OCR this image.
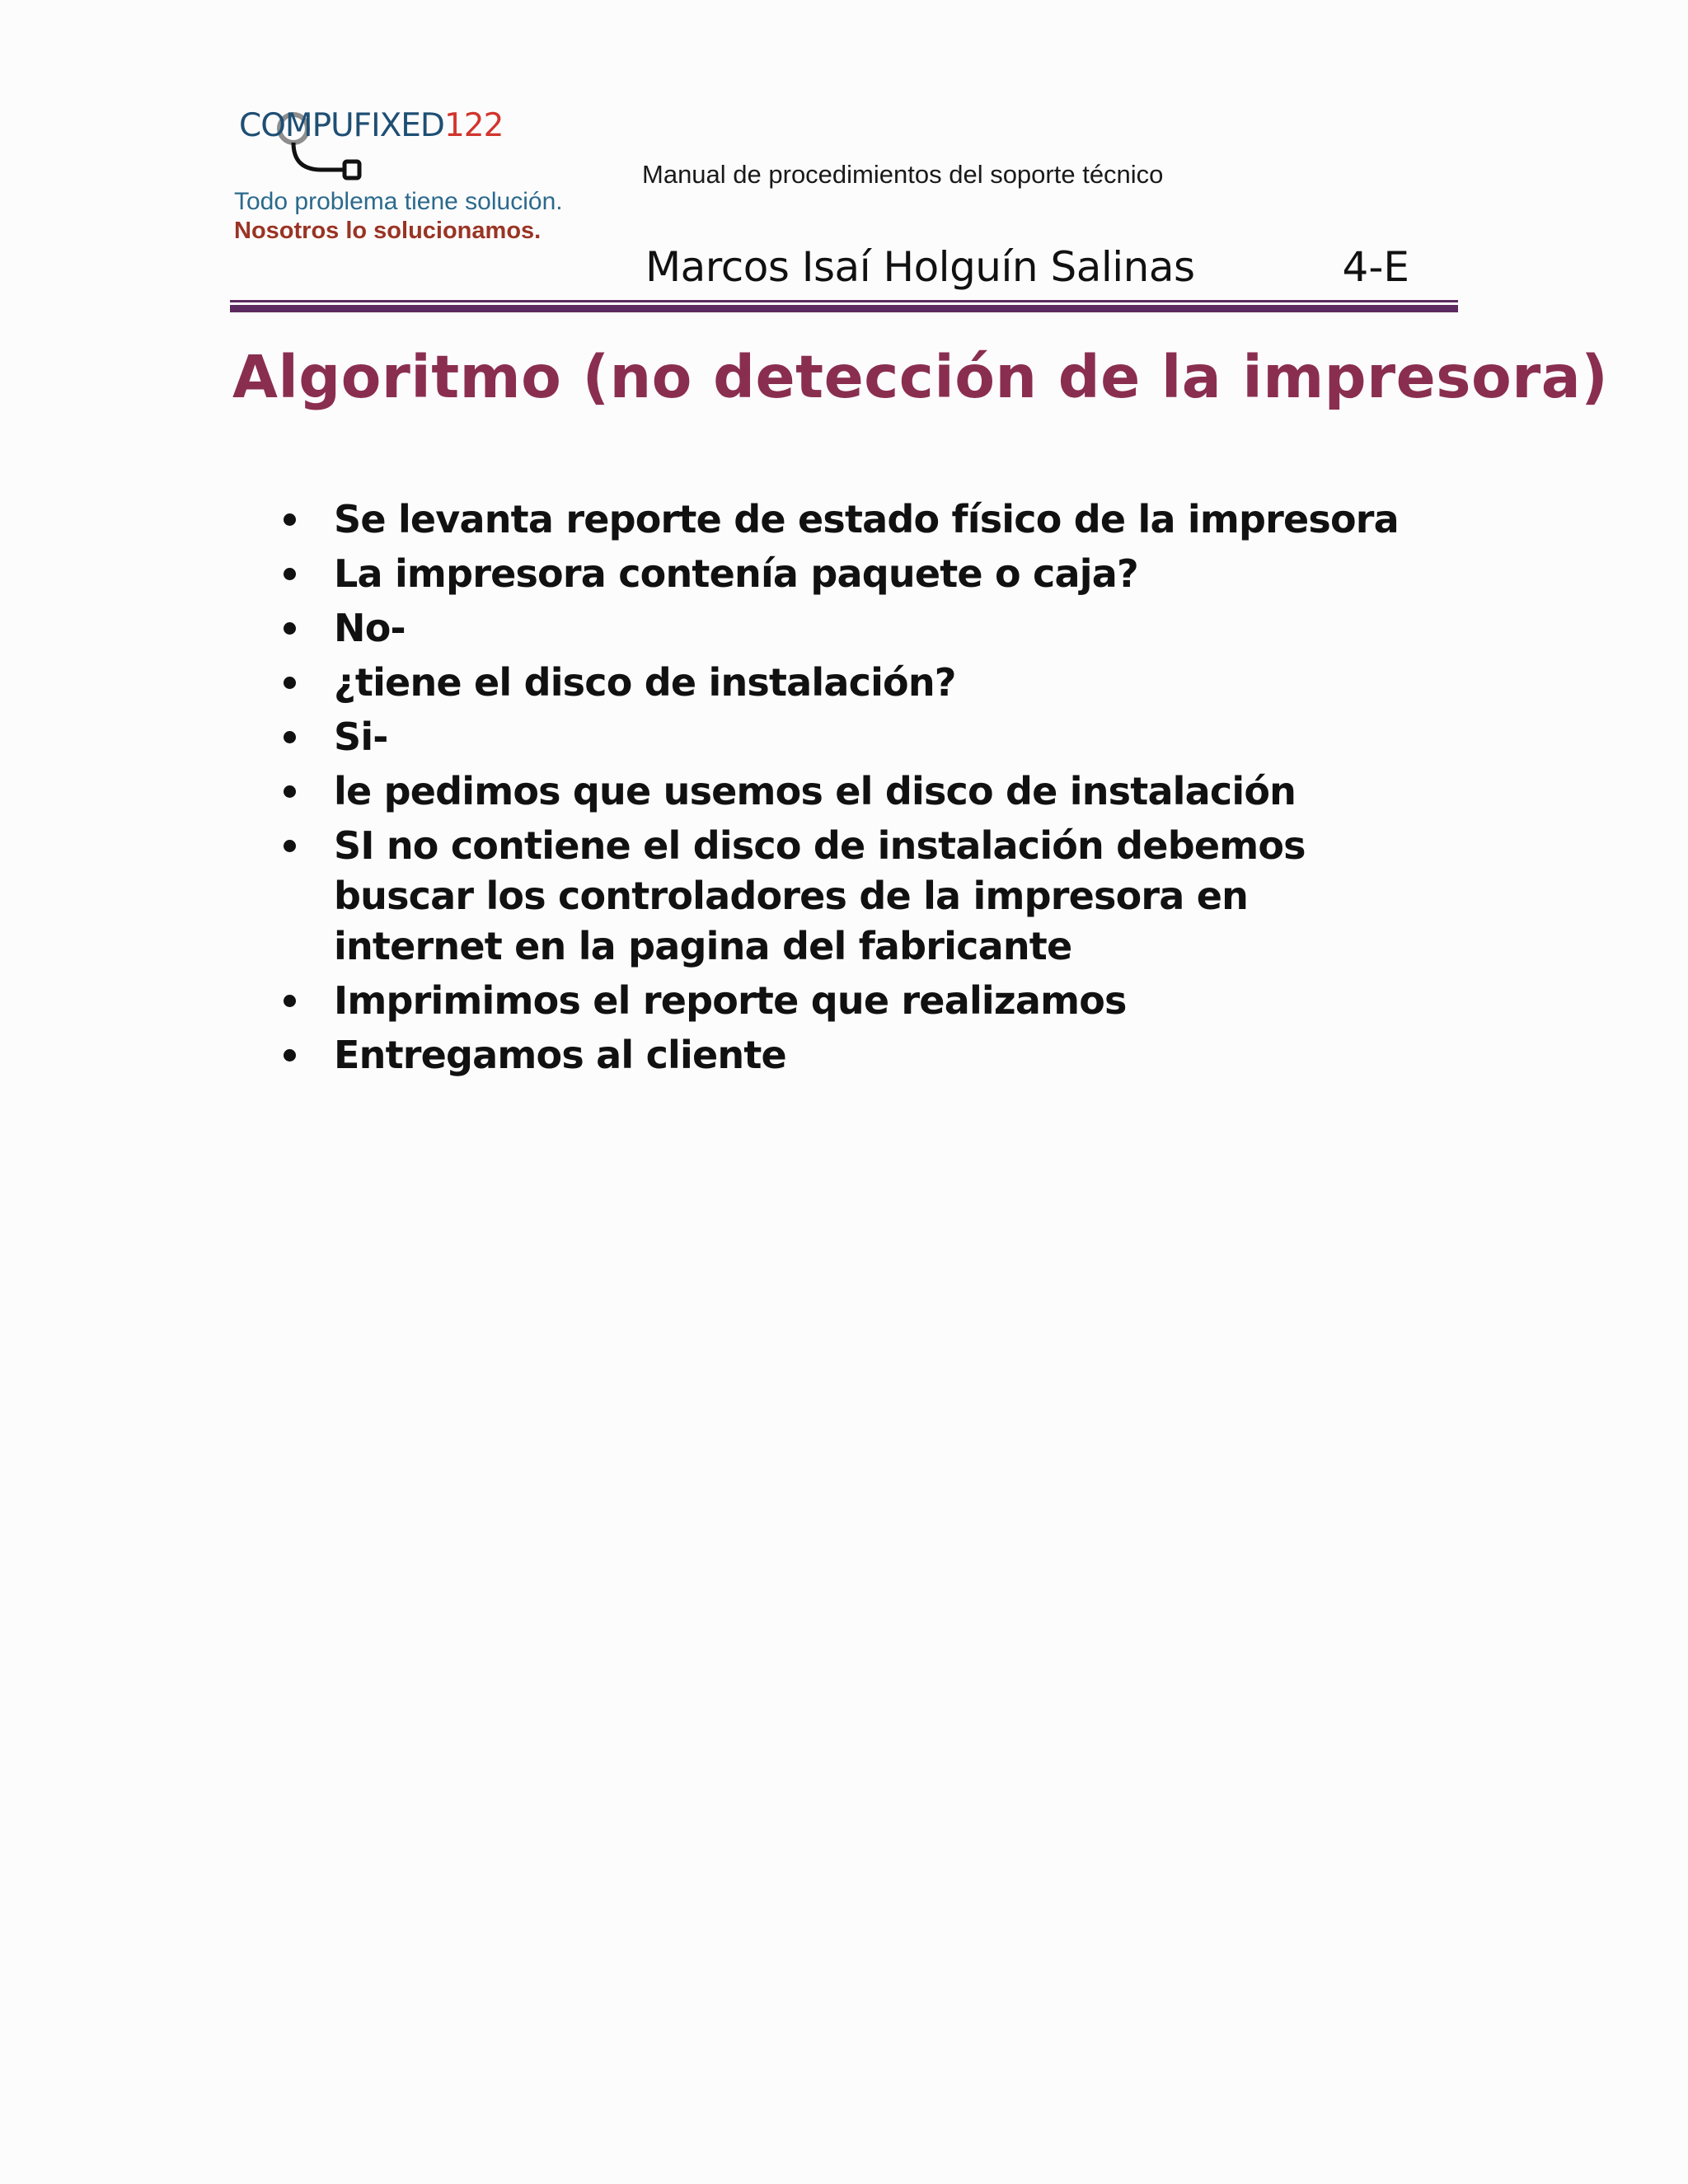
COMPUFIXED122
Todo problema tiene solución.
Nosotros lo solucionamos.
Manual de procedimientos del soporte técnico
Marcos Isaí Holguín Salinas	4-E
Algoritmo (no detección de la impresora)
Se levanta reporte de estado físico de la impresora
La impresora contenía paquete o caja?
No-
¿tiene el disco de instalación?
Si-
le pedimos que usemos el disco de instalación
SI no contiene el disco de instalación debemos buscar los controladores de la impresora en internet en la pagina del fabricante
Imprimimos el reporte que realizamos
Entregamos al cliente
